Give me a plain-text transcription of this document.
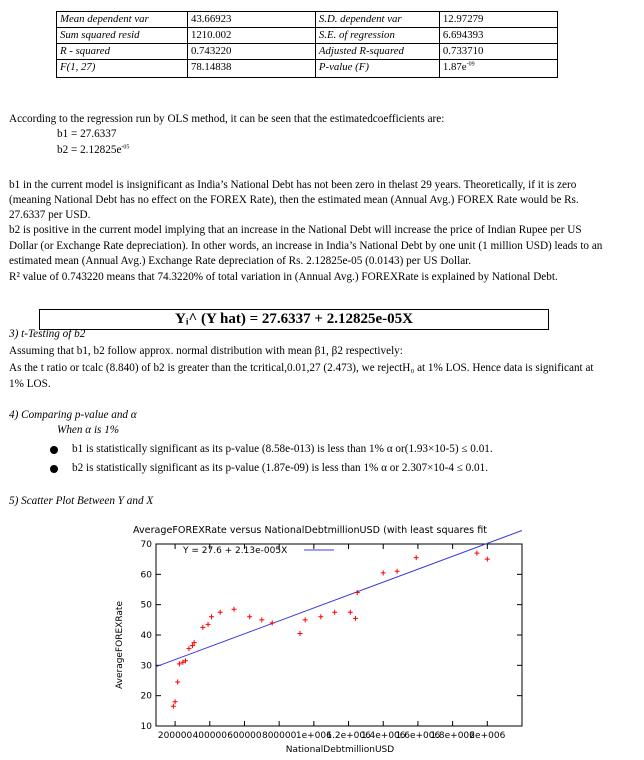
Mean dependent var	43.66923	S.D. dependent var	12.97279
Sum squared resid	1210.002	S.E. of regression	6.694393
R - squared	0.743220	Adjusted R-squared	0.733710
F(1, 27)	78.14838	P-value (F)	$1.87e^{-09}$
According to the regression run by OLS method, it can be seen that the estimatedcoefficients are:
b1 = 27.6337
$b2 = 2.12825e^{-05}$
b1 in the current model is insignificant as India’s National Debt has not been zero in thelast 29 years. Theoretically, if it is zero
(meaning National Debt has no effect on the FOREX Rate), then the estimated mean (Annual Avg.) FOREX Rate would be Rs.
27.6337 per USD.
b2 is positive in the current model implying that an increase in the National Debt will increase the price of Indian Rupee per US
Dollar (or Exchange Rate depreciation). In other words, an increase in India’s National Debt by one unit (1 million USD) leads to an
estimated mean (Annual Avg.) Exchange Rate depreciation of Rs. 2.12825e-05 (0.0143) per US Dollar.
R² value of 0.743220 means that 74.3220% of total variation in (Annual Avg.) FOREXRate is explained by National Debt.
Yᵢ^ (Y hat) = 27.6337 + 2.12825e-05X
3) t-Testing of b2
Assuming that b1, b2 follow approx. normal distribution with mean β1, β2 respectively:
As the t ratio or tcalc (8.840) of b2 is greater than the tcritical,0.01,27 (2.473), we rejectH₀ at 1% LOS. Hence data is significant at
1% LOS.
4) Comparing p-value and α
When α is 1%
b1 is statistically significant as its p-value (8.58e-013) is less than 1% α or(1.93×10-5) ≤ 0.01.
b2 is statistically significant as its p-value (1.87e-09) is less than 1% α or 2.307×10-4 ≤ 0.01.
5) Scatter Plot Between Y and X
AverageFOREXRate versus NationalDebtmillionUSD (with least squares fit
10
20
30
40
50
60
70
200000 400000 600000 800000 1e+006
1.2e+006
1.4e+006
1.6e+006
1.8e+006
2e+006
Y = 27.6 + 2.13e-005X
NationalDebtmillionUSD
AverageFOREXRate
